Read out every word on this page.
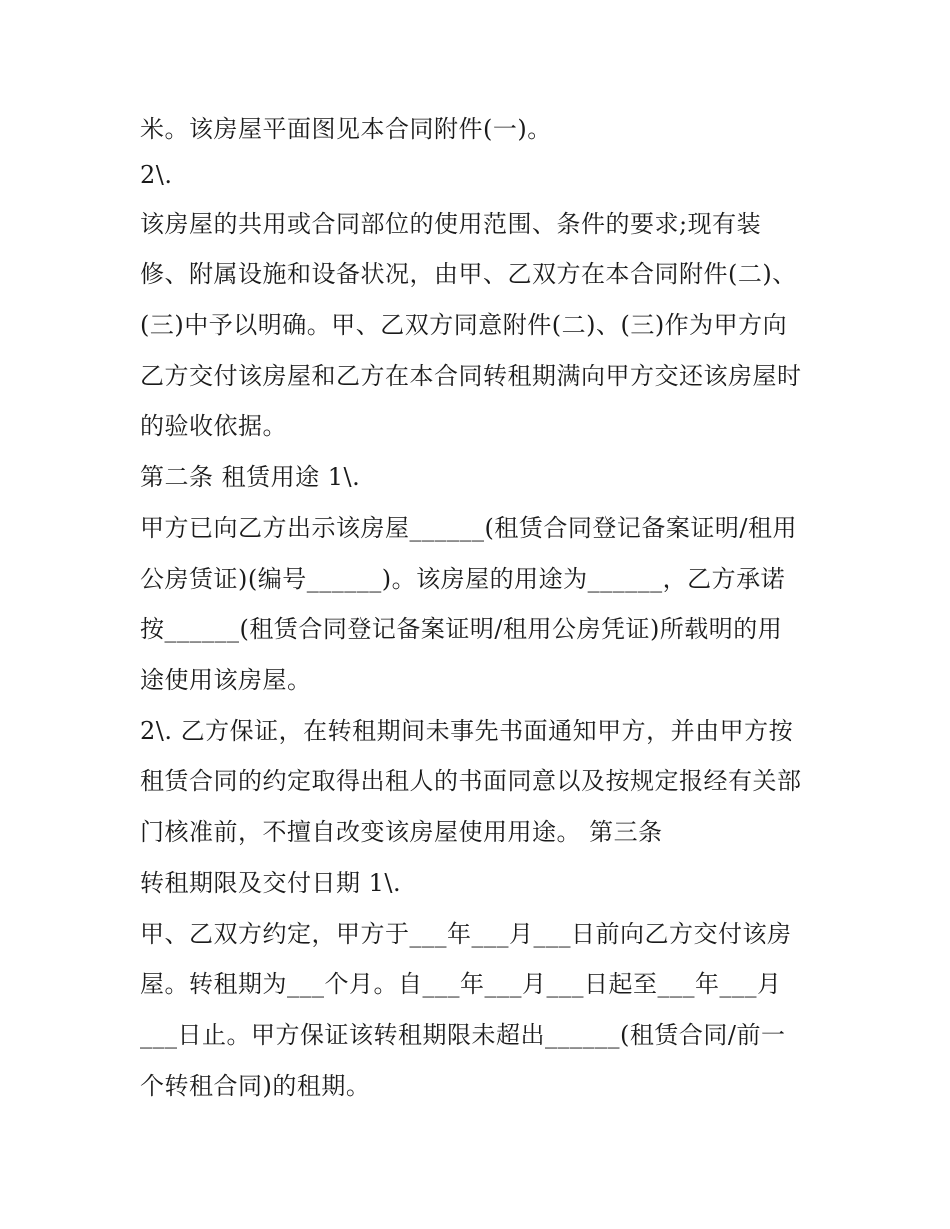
米。该房屋平面图见本合同附件(一)。
2\.
该房屋的共用或合同部位的使用范围、条件的要求;现有装
修、附属设施和设备状况，由甲、乙双方在本合同附件(二)、
(三)中予以明确。甲、乙双方同意附件(二)、(三)作为甲方向
乙方交付该房屋和乙方在本合同转租期满向甲方交还该房屋时
的验收依据。
第二条 租赁用途 1\.
甲方已向乙方出示该房屋______(租赁合同登记备案证明/租用
公房赁证)(编号______)。该房屋的用途为______，乙方承诺
按______(租赁合同登记备案证明/租用公房凭证)所载明的用
途使用该房屋。
2\. 乙方保证，在转租期间未事先书面通知甲方，并由甲方按
租赁合同的约定取得出租人的书面同意以及按规定报经有关部
门核准前，不擅自改变该房屋使用用途。 第三条
转租期限及交付日期 1\.
甲、乙双方约定，甲方于___年___月___日前向乙方交付该房
屋。转租期为___个月。自___年___月___日起至___年___月
___日止。甲方保证该转租期限未超出______(租赁合同/前一
个转租合同)的租期。
